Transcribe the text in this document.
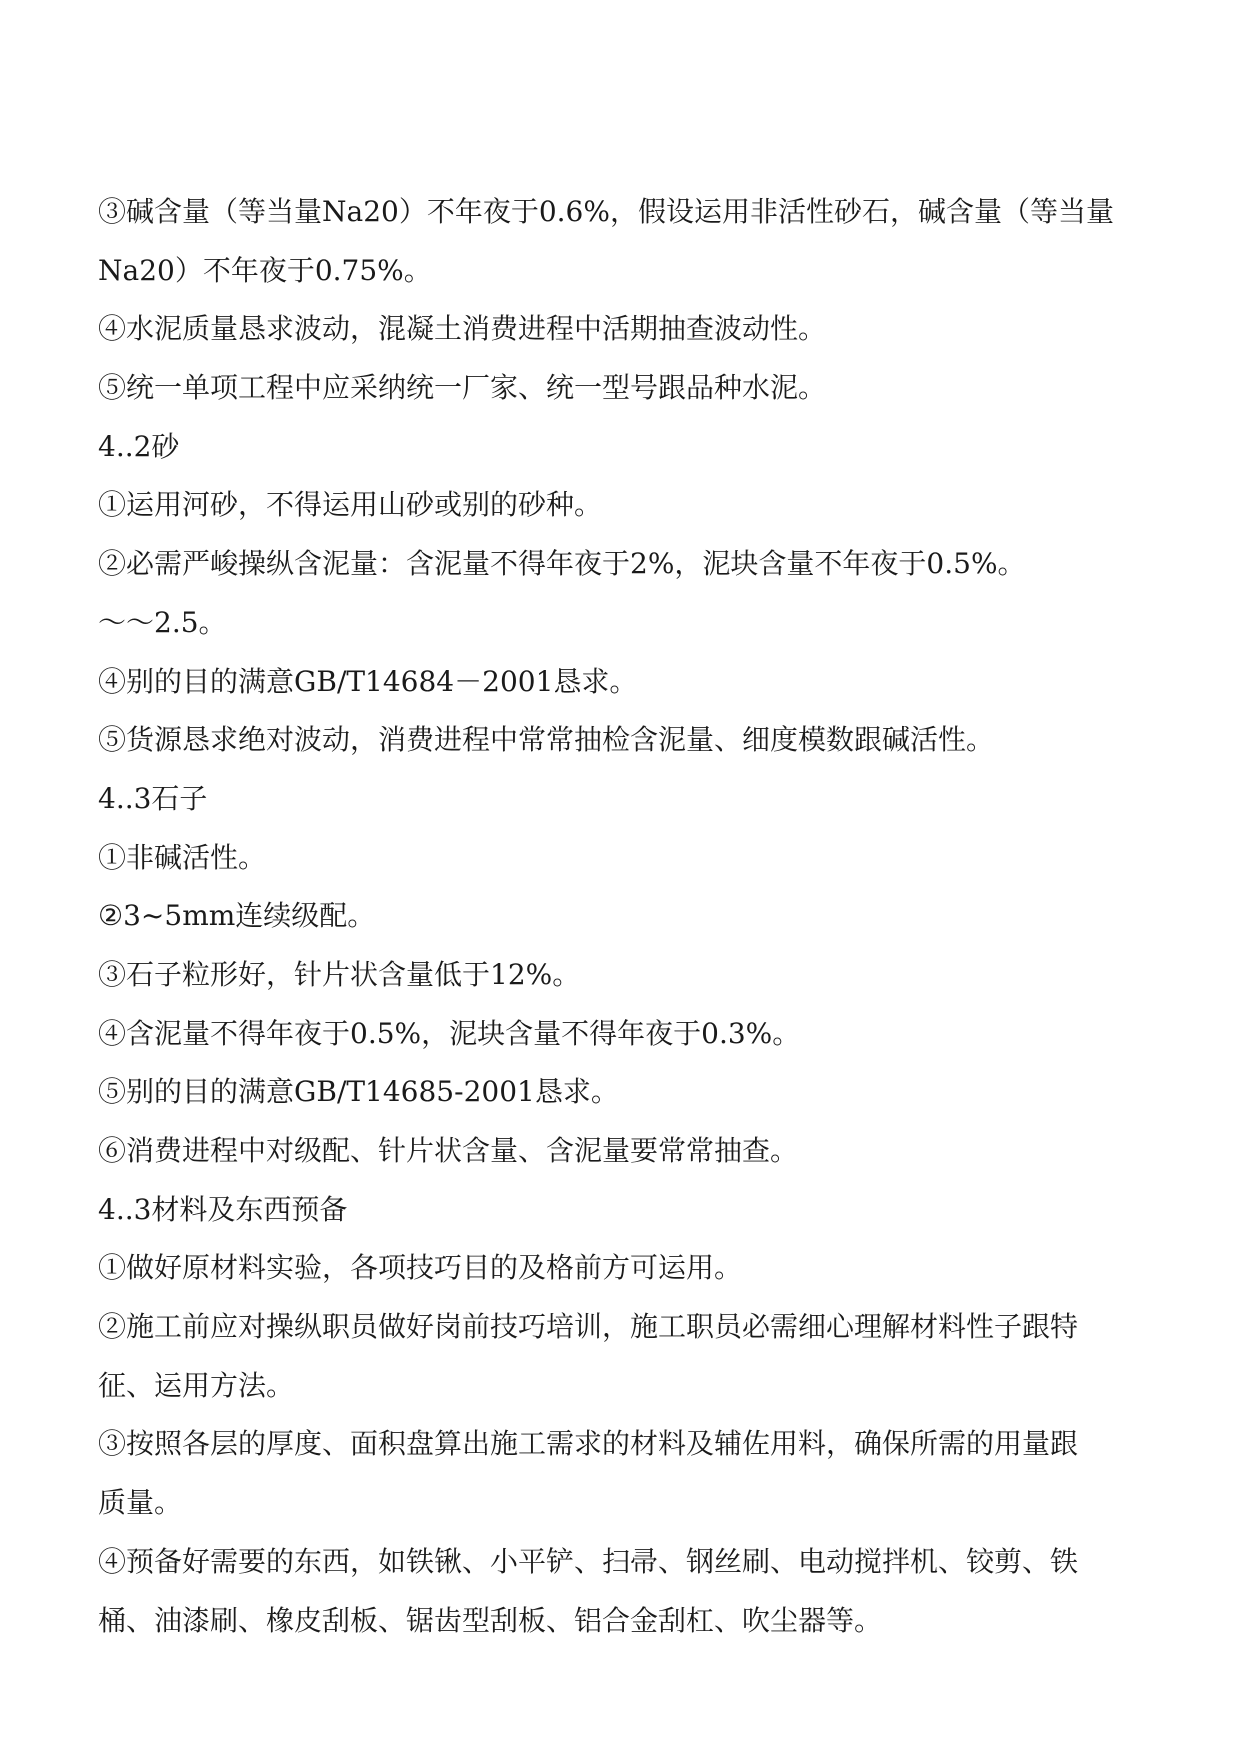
③碱含量（等当量Na20）不年夜于0.6%，假设运用非活性砂石，碱含量（等当量
Na20）不年夜于0.75%。
④水泥质量恳求波动，混凝土消费进程中活期抽查波动性。
⑤统一单项工程中应采纳统一厂家、统一型号跟品种水泥。
4..2砂
①运用河砂，不得运用山砂或别的砂种。
②必需严峻操纵含泥量：含泥量不得年夜于2%，泥块含量不年夜于0.5%。
～～2.5。
④别的目的满意GB/T14684－2001恳求。
⑤货源恳求绝对波动，消费进程中常常抽检含泥量、细度模数跟碱活性。
4..3石子
①非碱活性。
②3~5mm连续级配。
③石子粒形好，针片状含量低于12%。
④含泥量不得年夜于0.5%，泥块含量不得年夜于0.3%。
⑤别的目的满意GB/T14685-2001恳求。
⑥消费进程中对级配、针片状含量、含泥量要常常抽查。
4..3材料及东西预备
①做好原材料实验，各项技巧目的及格前方可运用。
②施工前应对操纵职员做好岗前技巧培训，施工职员必需细心理解材料性子跟特
征、运用方法。
③按照各层的厚度、面积盘算出施工需求的材料及辅佐用料，确保所需的用量跟
质量。
④预备好需要的东西，如铁锹、小平铲、扫帚、钢丝刷、电动搅拌机、铰剪、铁
桶、油漆刷、橡皮刮板、锯齿型刮板、铝合金刮杠、吹尘器等。
